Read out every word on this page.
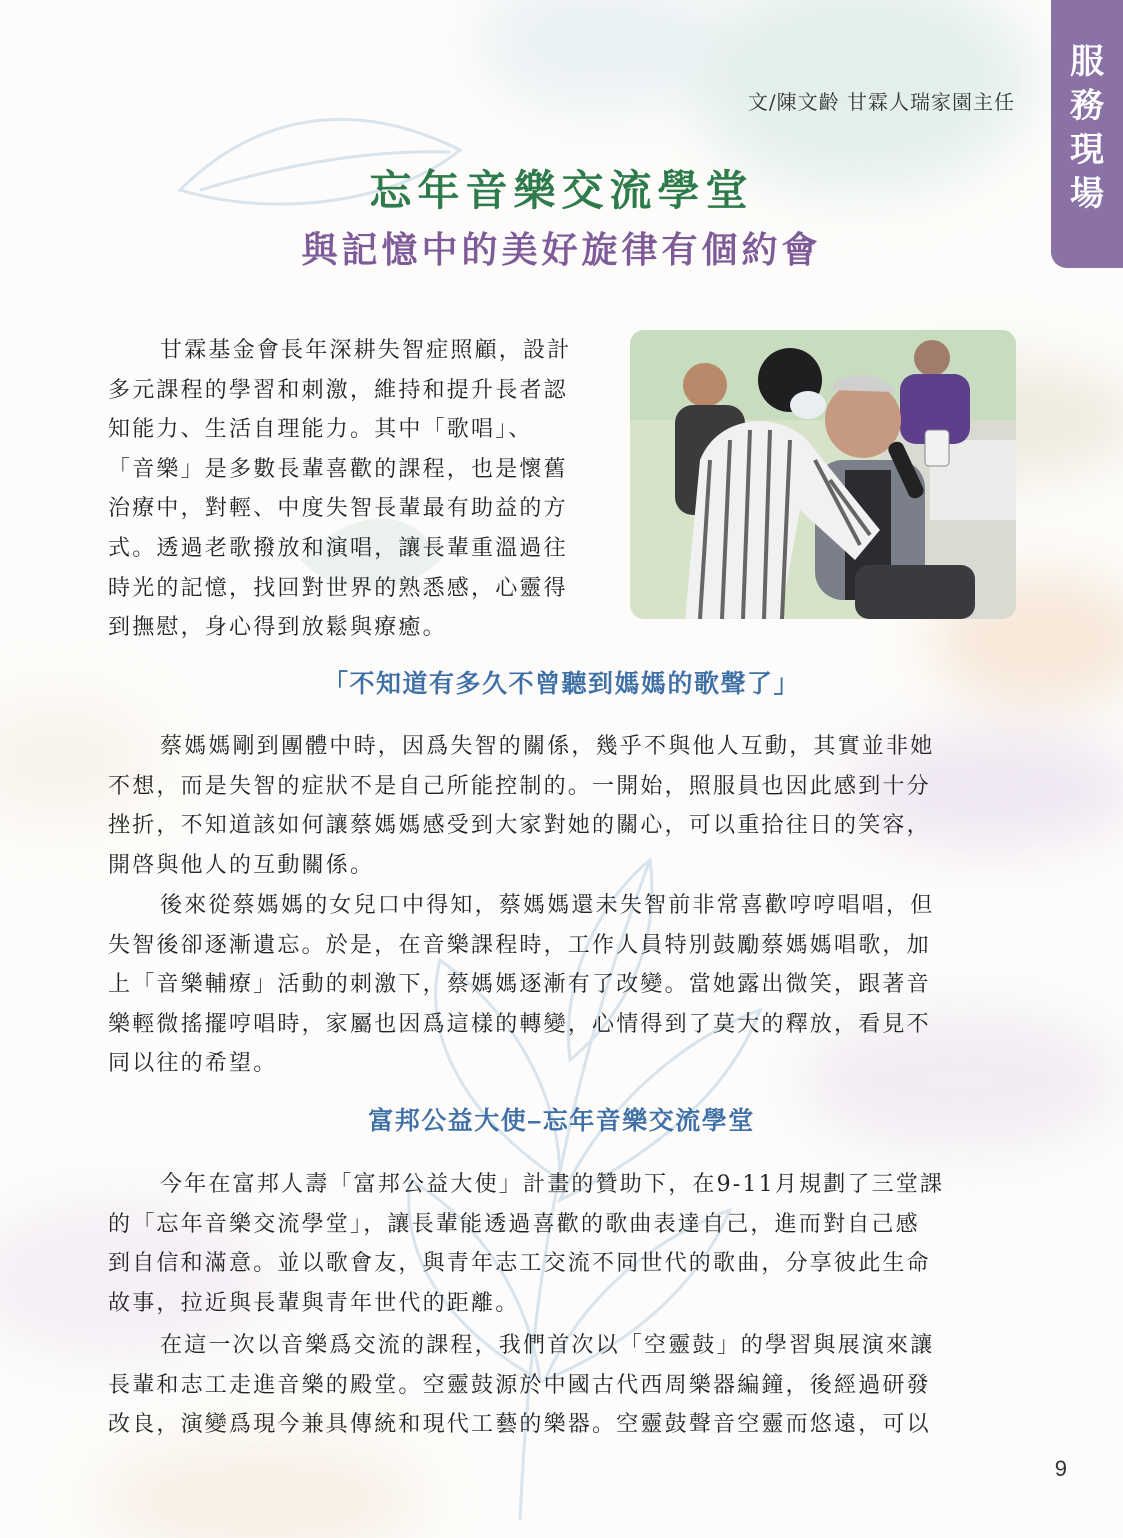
服
務
現
場
文/陳文齡 甘霖人瑞家園主任
忘年音樂交流學堂
與記憶中的美好旋律有個約會

甘霖基金會長年深耕失智症照顧，設計
多元課程的學習和刺激，維持和提升長者認
知能力、生活自理能力。其中「歌唱」、
「音樂」是多數長輩喜歡的課程，也是懷舊
治療中，對輕、中度失智長輩最有助益的方
式。透過老歌撥放和演唱，讓長輩重溫過往
時光的記憶，找回對世界的熟悉感，心靈得
到撫慰，身心得到放鬆與療癒。

「不知道有多久不曾聽到媽媽的歌聲了」

蔡媽媽剛到團體中時，因爲失智的關係，幾乎不與他人互動，其實並非她
不想，而是失智的症狀不是自己所能控制的。一開始，照服員也因此感到十分
挫折，不知道該如何讓蔡媽媽感受到大家對她的關心，可以重拾往日的笑容，
開啓與他人的互動關係。

後來從蔡媽媽的女兒口中得知，蔡媽媽還未失智前非常喜歡哼哼唱唱，但
失智後卻逐漸遺忘。於是，在音樂課程時，工作人員特別鼓勵蔡媽媽唱歌，加
上「音樂輔療」活動的刺激下，蔡媽媽逐漸有了改變。當她露出微笑，跟著音
樂輕微搖擺哼唱時，家屬也因爲這樣的轉變，心情得到了莫大的釋放，看見不
同以往的希望。

富邦公益大使–忘年音樂交流學堂

今年在富邦人壽「富邦公益大使」計畫的贊助下，在9-11月規劃了三堂課
的「忘年音樂交流學堂」，讓長輩能透過喜歡的歌曲表達自己，進而對自己感
到自信和滿意。並以歌會友，與青年志工交流不同世代的歌曲，分享彼此生命
故事，拉近與長輩與青年世代的距離。

在這一次以音樂爲交流的課程，我們首次以「空靈鼓」的學習與展演來讓
長輩和志工走進音樂的殿堂。空靈鼓源於中國古代西周樂器編鐘，後經過研發
改良，演變爲現今兼具傳統和現代工藝的樂器。空靈鼓聲音空靈而悠遠，可以

9
